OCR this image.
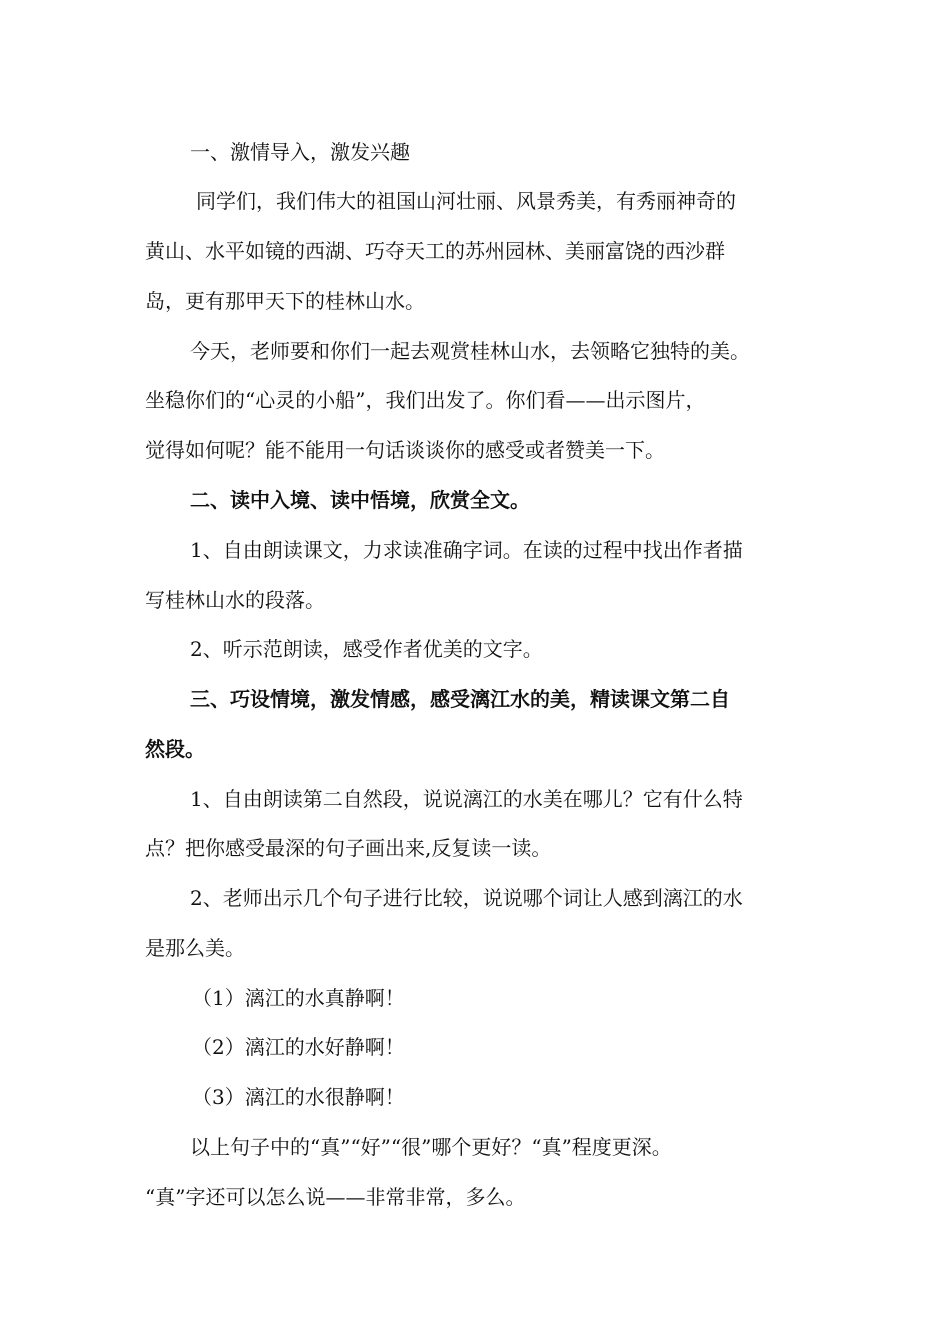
一、激情导入，激发兴趣
同学们，我们伟大的祖国山河壮丽、风景秀美，有秀丽神奇的
黄山、水平如镜的西湖、巧夺天工的苏州园林、美丽富饶的西沙群
岛，更有那甲天下的桂林山水。
今天，老师要和你们一起去观赏桂林山水，去领略它独特的美。
坐稳你们的“心灵的小船”，我们出发了。你们看——出示图片，
觉得如何呢？能不能用一句话谈谈你的感受或者赞美一下。
二、读中入境、读中悟境，欣赏全文。
1、自由朗读课文，力求读准确字词。在读的过程中找出作者描
写桂林山水的段落。
2、听示范朗读，感受作者优美的文字。
三、巧设情境，激发情感，感受漓江水的美，精读课文第二自
然段。
1、自由朗读第二自然段，说说漓江的水美在哪儿？它有什么特
点？把你感受最深的句子画出来,反复读一读。
2、老师出示几个句子进行比较，说说哪个词让人感到漓江的水
是那么美。
（1）漓江的水真静啊！
（2）漓江的水好静啊！
（3）漓江的水很静啊！
以上句子中的“真”“好”“很”哪个更好？“真”程度更深。
“真”字还可以怎么说——非常非常，多么。
